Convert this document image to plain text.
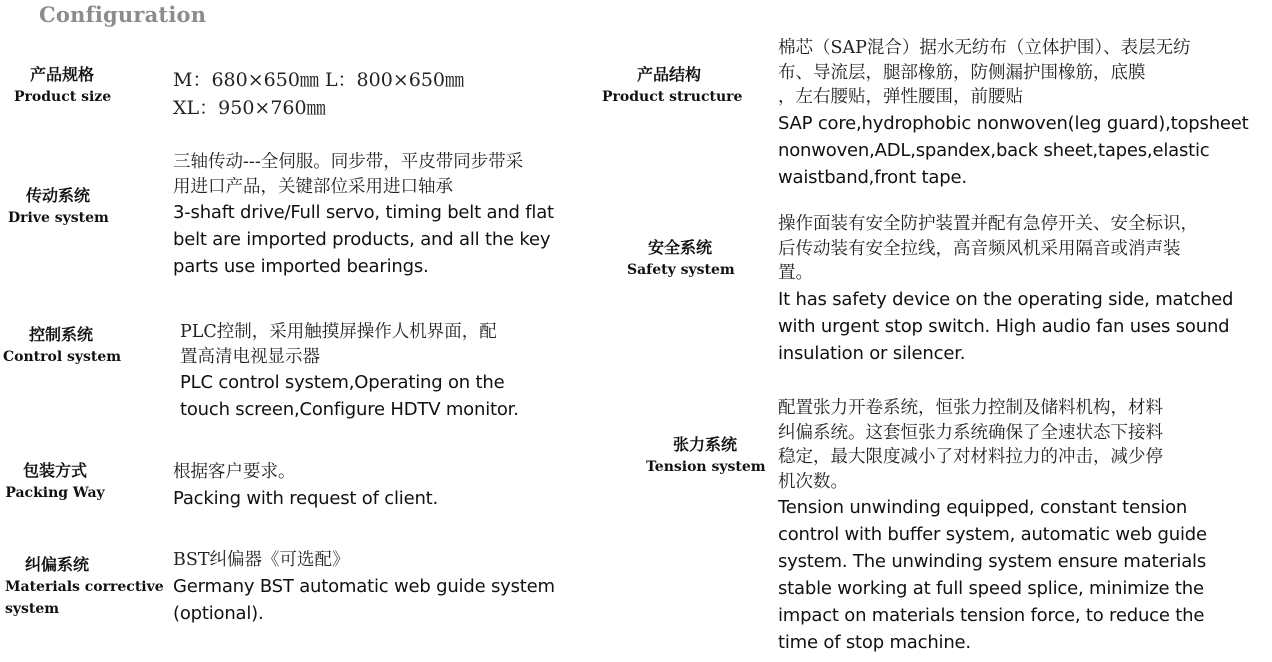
Configuration
产品规格
Product size
M：680×650㎜ L：800×650㎜
XL：950×760㎜
传动系统
Drive system
三轴传动---全伺服。同步带，平皮带同步带采
用进口产品，关键部位采用进口轴承
3-shaft drive/Full servo, timing belt and flat
belt are imported products, and all the key
parts use imported bearings.
控制系统
Control system
PLC控制，采用触摸屏操作人机界面，配
置高清电视显示器
PLC control system,Operating on the
touch screen,Configure HDTV monitor.
包装方式
Packing Way
根据客户要求。
Packing with request of client.
纠偏系统
Materials corrective
system
BST纠偏器《可选配》
Germany BST automatic web guide system
(optional).
产品结构
Product structure
棉芯（SAP混合）据水无纺布（立体护围）、表层无纺
布、导流层，腿部橡筋，防侧漏护围橡筋，底膜
，左右腰贴，弹性腰围，前腰贴
SAP core,hydrophobic nonwoven(leg guard),topsheet
nonwoven,ADL,spandex,back sheet,tapes,elastic
waistband,front tape.
安全系统
Safety system
操作面装有安全防护装置并配有急停开关、安全标识，
后传动装有安全拉线，高音频风机采用隔音或消声装
置。
It has safety device on the operating side, matched
with urgent stop switch. High audio fan uses sound
insulation or silencer.
张力系统
Tension system
配置张力开卷系统，恒张力控制及储料机构，材料
纠偏系统。这套恒张力系统确保了全速状态下接料
稳定，最大限度减小了对材料拉力的冲击，减少停
机次数。
Tension unwinding equipped, constant tension
control with buffer system, automatic web guide
system. The unwinding system ensure materials
stable working at full speed splice, minimize the
impact on materials tension force, to reduce the
time of stop machine.
